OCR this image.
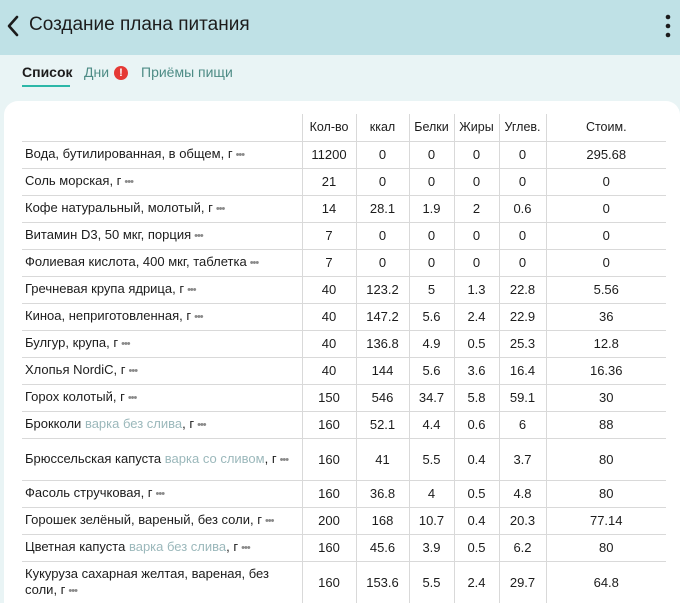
Создание плана питания
Список Дни !	Приёмы пищи
	Кол-во	ккал	Белки	Жиры	Углев.	Стоим.
Вода, бутилированная, в общем, г •••	11200	0	0	0	0	295.68
Соль морская, г •••	21	0	0	0	0	0
Кофе натуральный, молотый, г •••	14	28.1	1.9	2	0.6	0
Витамин D3, 50 мкг, порция •••	7	0	0	0	0	0
Фолиевая кислота, 400 мкг, таблетка •••	7	0	0	0	0	0
Гречневая крупа ядрица, г •••	40	123.2	5	1.3	22.8	5.56
Киноа, неприготовленная, г •••	40	147.2	5.6	2.4	22.9	36
Булгур, крупа, г •••	40	136.8	4.9	0.5	25.3	12.8
Хлопья NordiC, г •••	40	144	5.6	3.6	16.4	16.36
Горох колотый, г •••	150	546	34.7	5.8	59.1	30
Брокколи варка без слива, г •••	160	52.1	4.4	0.6	6	88
Брюссельская капуста варка со сливом, г •••	160	41	5.5	0.4	3.7	80
Фасоль стручковая, г •••	160	36.8	4	0.5	4.8	80
Горошек зелёный, вареный, без соли, г •••	200	168	10.7	0.4	20.3	77.14
Цветная капуста варка без слива, г •••	160	45.6	3.9	0.5	6.2	80
Кукуруза сахарная желтая, вареная, без соли, г •••	160	153.6	5.5	2.4	29.7	64.8
